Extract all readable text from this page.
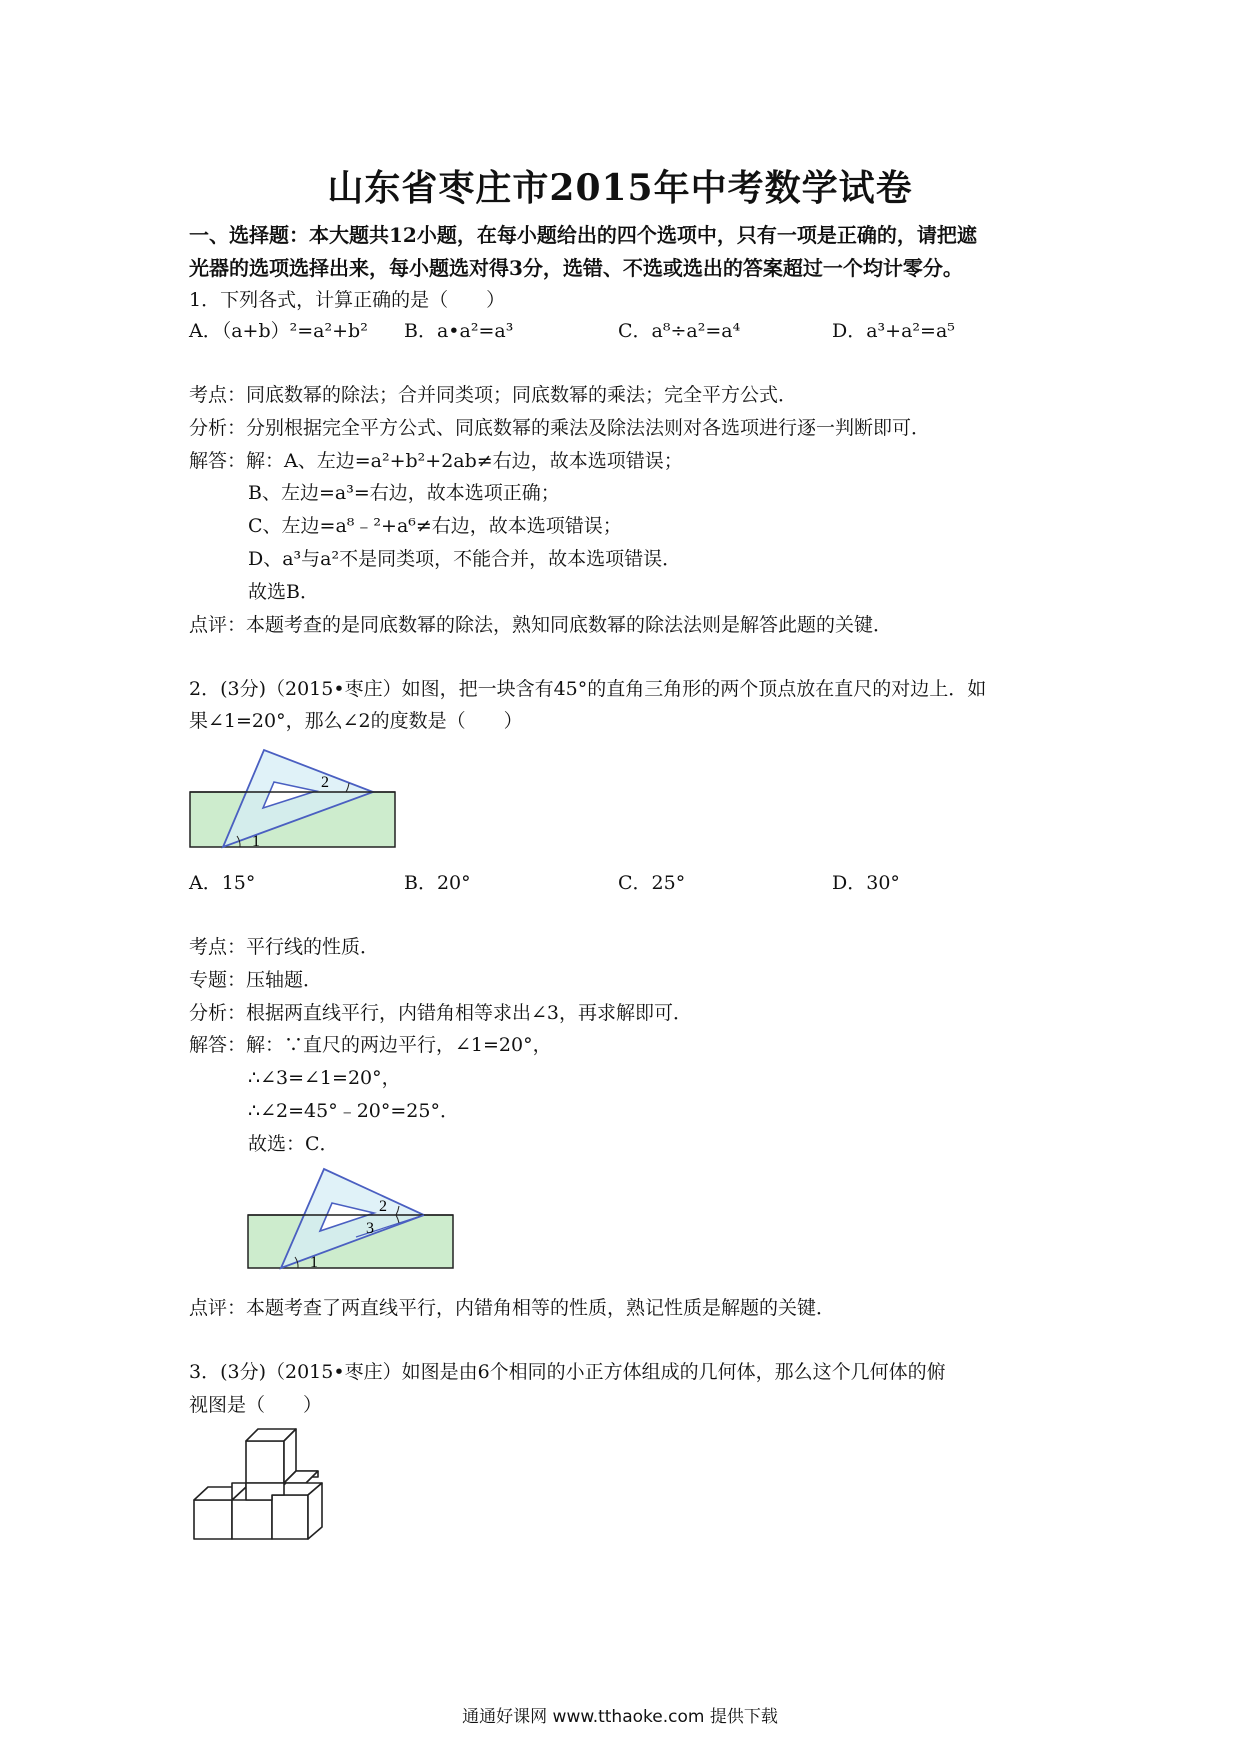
山东省枣庄市2015年中考数学试卷
一、选择题：本大题共12小题，在每小题给出的四个选项中，只有一项是正确的，请把遮
光器的选项选择出来，每小题选对得3分，选错、不选或选出的答案超过一个均计零分。
1．下列各式，计算正确的是（　　）
A．（a+b）²=a²+b² B．a•a²=a³	C．a⁸÷a²=a⁴	D．a³+a²=a⁵
考点：同底数幂的除法；合并同类项；同底数幂的乘法；完全平方公式．
分析：分别根据完全平方公式、同底数幂的乘法及除法法则对各选项进行逐一判断即可．
解答：解：A、左边=a²+b²+2ab≠右边，故本选项错误；
B、左边=a³=右边，故本选项正确；
C、左边=a⁸﹣²+a⁶≠右边，故本选项错误；
D、a³与a²不是同类项，不能合并，故本选项错误．
故选B．
点评：本题考查的是同底数幂的除法，熟知同底数幂的除法法则是解答此题的关键．
2．(3分)（2015•枣庄）如图，把一块含有45°的直角三角形的两个顶点放在直尺的对边上．如
果∠1=20°，那么∠2的度数是（　　）
1
2
A．15°	B．20°	C．25°	D．30°
考点：平行线的性质．
专题：压轴题．
分析：根据两直线平行，内错角相等求出∠3，再求解即可．
解答：解：∵直尺的两边平行，∠1=20°，
∴∠3=∠1=20°，
∴∠2=45°﹣20°=25°．
故选：C．
1
2
3
点评：本题考查了两直线平行，内错角相等的性质，熟记性质是解题的关键．
3．(3分)（2015•枣庄）如图是由6个相同的小正方体组成的几何体，那么这个几何体的俯
视图是（　　）
通通好课网 www.tthaoke.com 提供下载
